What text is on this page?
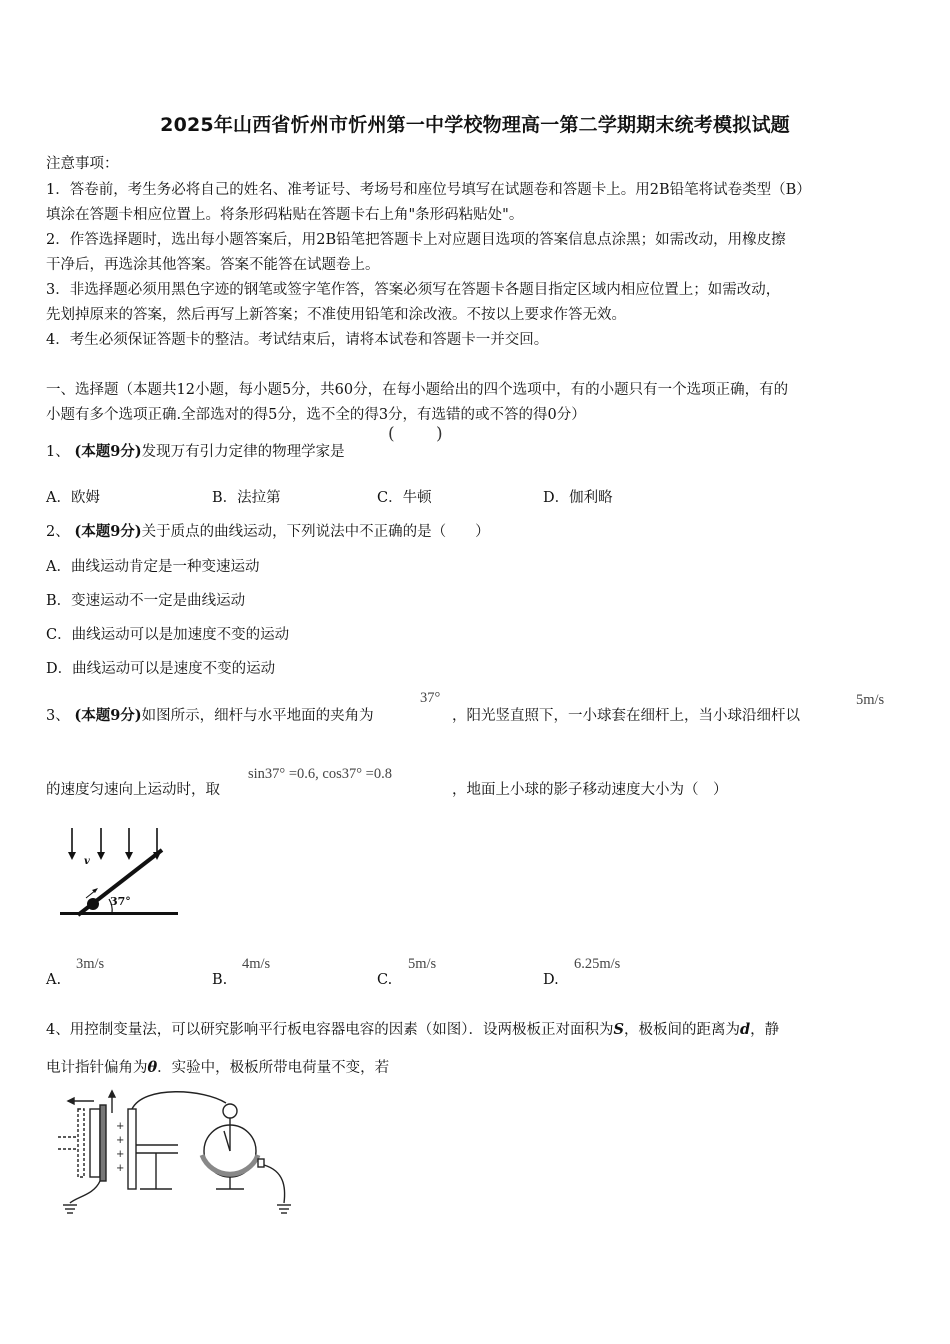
2025年山西省忻州市忻州第一中学校物理高一第二学期期末统考模拟试题
注意事项：
1．答卷前，考生务必将自己的姓名、准考证号、考场号和座位号填写在试题卷和答题卡上。用2B铅笔将试卷类型（B）
填涂在答题卡相应位置上。将条形码粘贴在答题卡右上角"条形码粘贴处"。
2．作答选择题时，选出每小题答案后，用2B铅笔把答题卡上对应题目选项的答案信息点涂黑；如需改动，用橡皮擦
干净后，再选涂其他答案。答案不能答在试题卷上。
3．非选择题必须用黑色字迹的钢笔或签字笔作答，答案必须写在答题卡各题目指定区域内相应位置上；如需改动，
先划掉原来的答案，然后再写上新答案；不准使用铅笔和涂改液。不按以上要求作答无效。
4．考生必须保证答题卡的整洁。考试结束后，请将本试卷和答题卡一并交回。
一、选择题（本题共12小题，每小题5分，共60分，在每小题给出的四个选项中，有的小题只有一个选项正确，有的
小题有多个选项正确.全部选对的得5分，选不全的得3分，有选错的或不答的得0分）
1、 (本题9分)发现万有引力定律的物理学家是
( )
A．欧姆	B．法拉第	C．牛顿	D．伽利略
2、 (本题9分)关于质点的曲线运动，下列说法中不正确的是（　　）
A．曲线运动肯定是一种变速运动
B．变速运动不一定是曲线运动
C．曲线运动可以是加速度不变的运动
D．曲线运动可以是速度不变的运动
3、 (本题9分)如图所示，细杆与水平地面的夹角为
37°
，阳光竖直照下，一小球套在细杆上，当小球沿细杆以
5m/s
的速度匀速向上运动时，取
sin37° =0.6, cos37° =0.8
，地面上小球的影子移动速度大小为（　）
v
37°
A.
3m/s
B.
4m/s
C.
5m/s
D.
6.25m/s
4、用控制变量法，可以研究影响平行板电容器电容的因素（如图）．设两极板正对面积为S，极板间的距离为d，静
电计指针偏角为θ．实验中，极板所带电荷量不变，若
+
+
+
+
